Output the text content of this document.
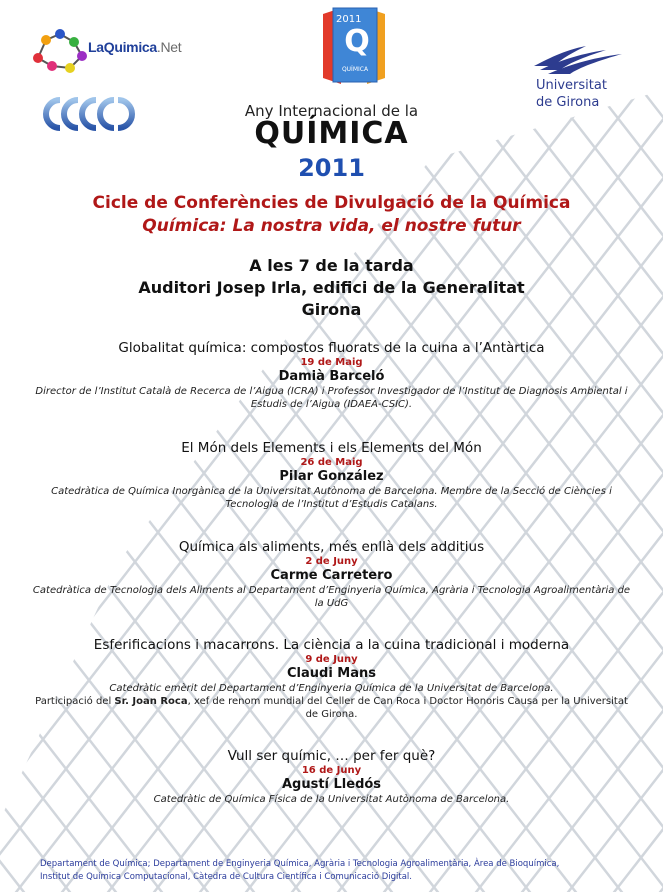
LaQuimica.Net
2011
Q
QUÍMICA
Universitat
de Girona
Any Internacional de la
QUÍMICA
2011
Cicle de Conferències de Divulgació de la Química
Química: La nostra vida, el nostre futur
A les 7 de la tarda
Auditori Josep Irla, edifici de la Generalitat
Girona
Globalitat química: compostos fluorats de la cuina a l’Antàrtica
19 de Maig
Damià Barceló
Director de l’Institut Català de Recerca de l’Aigua (ICRA) i Professor Investigador de l’Institut de Diagnosis Ambiental i Estudis de l’Aigua (IDAEA-CSIC).
El Món dels Elements i els Elements del Món
26 de Maig
Pilar González
Catedràtica de Química Inorgànica de la Universitat Autònoma de Barcelona. Membre de la Secció de Ciències i Tecnologia de l’Institut d’Estudis Catalans.
Química als aliments, més enllà dels additius
2 de Juny
Carme Carretero
Catedràtica de Tecnologia dels Aliments al Departament d’Enginyeria Química, Agrària i Tecnologia Agroalimentària de la UdG
Esferificacions i macarrons. La ciència a la cuina tradicional i moderna
9 de Juny
Claudi Mans
Catedràtic emèrit del Departament d’Enginyeria Química de la Universitat de Barcelona.
Participació del Sr. Joan Roca, xef de renom mundial del Celler de Can Roca i Doctor Honoris Causa per la Universitat de Girona.
Vull ser químic, … per fer què?
16 de Juny
Agustí Lledós
Catedràtic de Química Física de la Universitat Autònoma de Barcelona.
Departament de Química; Departament de Enginyeria Química, Agrària i Tecnologia Agroalimentària, Àrea de Bioquímica,
Institut de Química Computacional, Càtedra de Cultura Científica i Comunicació Digital.
